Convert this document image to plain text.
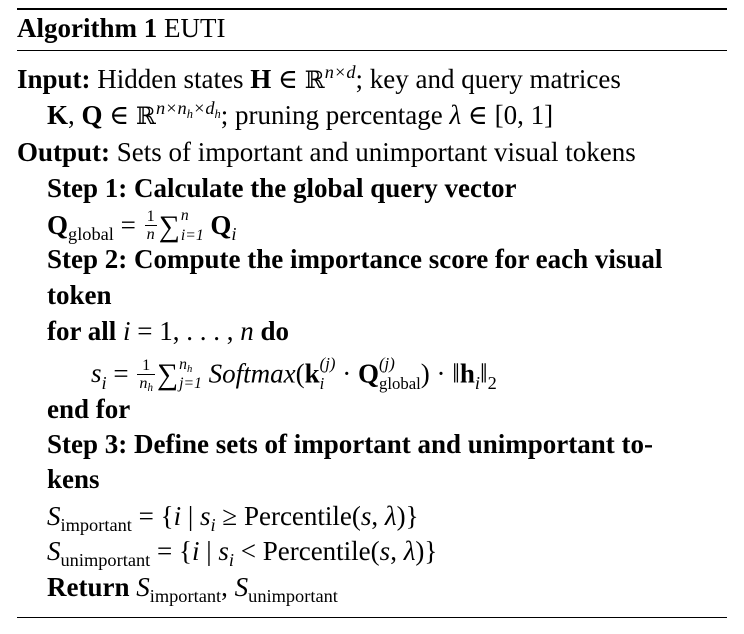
Algorithm 1 EUTI
Input: Hidden states H ∈ ℝ$^{n\times d}$; key and query matrices
K, Q ∈ ℝ$^{n\times n_h\times d_h}$; pruning percentage λ ∈ [0, 1]
Output: Sets of important and unimportant visual tokens
Step 1: Calculate the global query vector
$Q_{global} = \frac{1}{n}$ ∑ n
i=1 $Q_i$
Step 2: Compute the importance score for each visual
token
for all i = 1, . . . , n do
$s_i = \frac{1}{n_h}$ ∑ $n_h$
j=1 Softmax(k (j)
i · Q (j)
global ) · $‖h_i‖_2$
end for
Step 3: Define sets of important and unimportant to-
kens
$S_{important} = \{i$ | $s_i$ ≥ Percentile(s, λ)}
$S_{unimportant} = \{i$ | $s_i$ < Percentile(s, λ)}
Return $S_{important}$, $S_{unimportant}$
